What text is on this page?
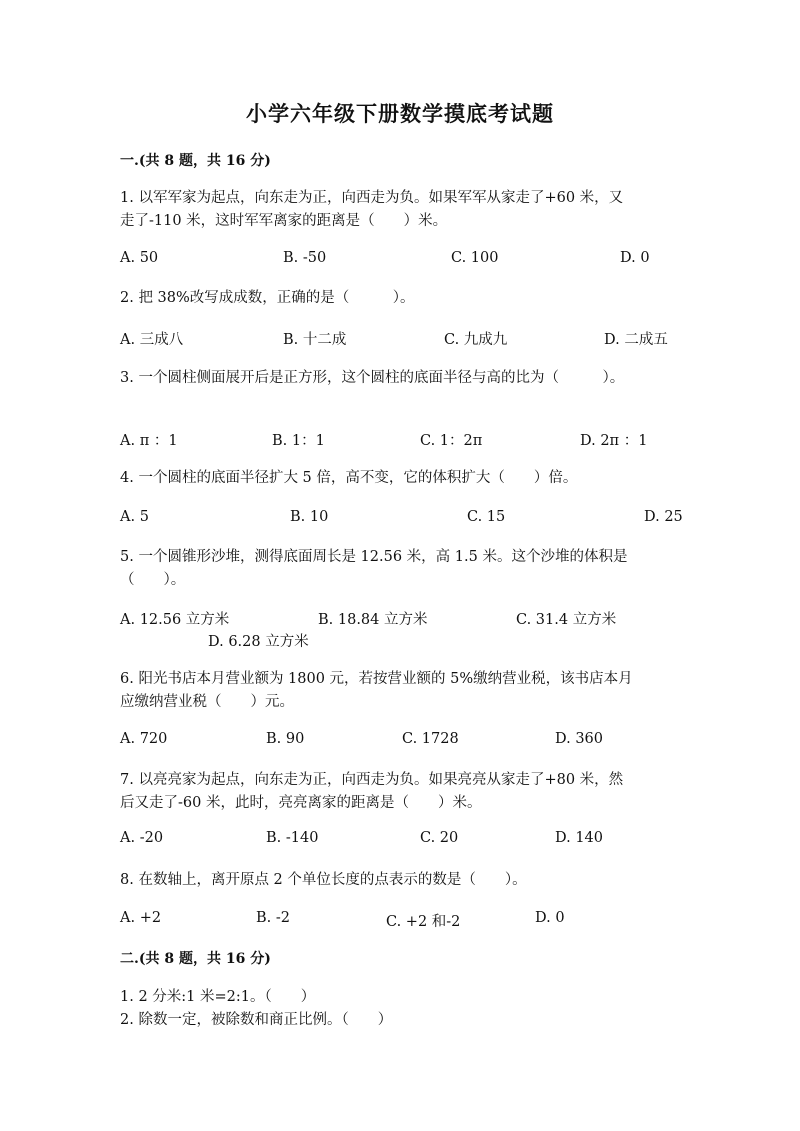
小学六年级下册数学摸底考试题
一.(共 8 题，共 16 分)
1. 以军军家为起点，向东走为正，向西走为负。如果军军从家走了+60 米，又
走了-110 米，这时军军离家的距离是（　　）米。
A. 50	B. -50	C. 100	D. 0
2. 把 38%改写成成数，正确的是（　　　）。
A. 三成八	B. 十二成	C. 九成九	D. 二成五
3. 一个圆柱侧面展开后是正方形，这个圆柱的底面半径与高的比为（　　　）。
A. π ：1	B. 1：1	C. 1：2π	D. 2π ：1
4. 一个圆柱的底面半径扩大 5 倍，高不变，它的体积扩大（　　）倍。
A. 5	B. 10	C. 15	D. 25
5. 一个圆锥形沙堆，测得底面周长是 12.56 米，高 1.5 米。这个沙堆的体积是
（　　）。
A. 12.56 立方米	B. 18.84 立方米	C. 31.4 立方米
D. 6.28 立方米
6. 阳光书店本月营业额为 1800 元，若按营业额的 5%缴纳营业税，该书店本月
应缴纳营业税（　　）元。
A. 720	B. 90	C. 1728	D. 360
7. 以亮亮家为起点，向东走为正，向西走为负。如果亮亮从家走了+80 米，然
后又走了-60 米，此时，亮亮离家的距离是（　　）米。
A. -20	B. -140	C. 20	D. 140
8. 在数轴上，离开原点 2 个单位长度的点表示的数是（　　）。
A. +2	B. -2	C. +2 和-2	D. 0
二.(共 8 题，共 16 分)
1. 2 分米:1 米=2:1。（　　）
2. 除数一定，被除数和商正比例。（　　）
